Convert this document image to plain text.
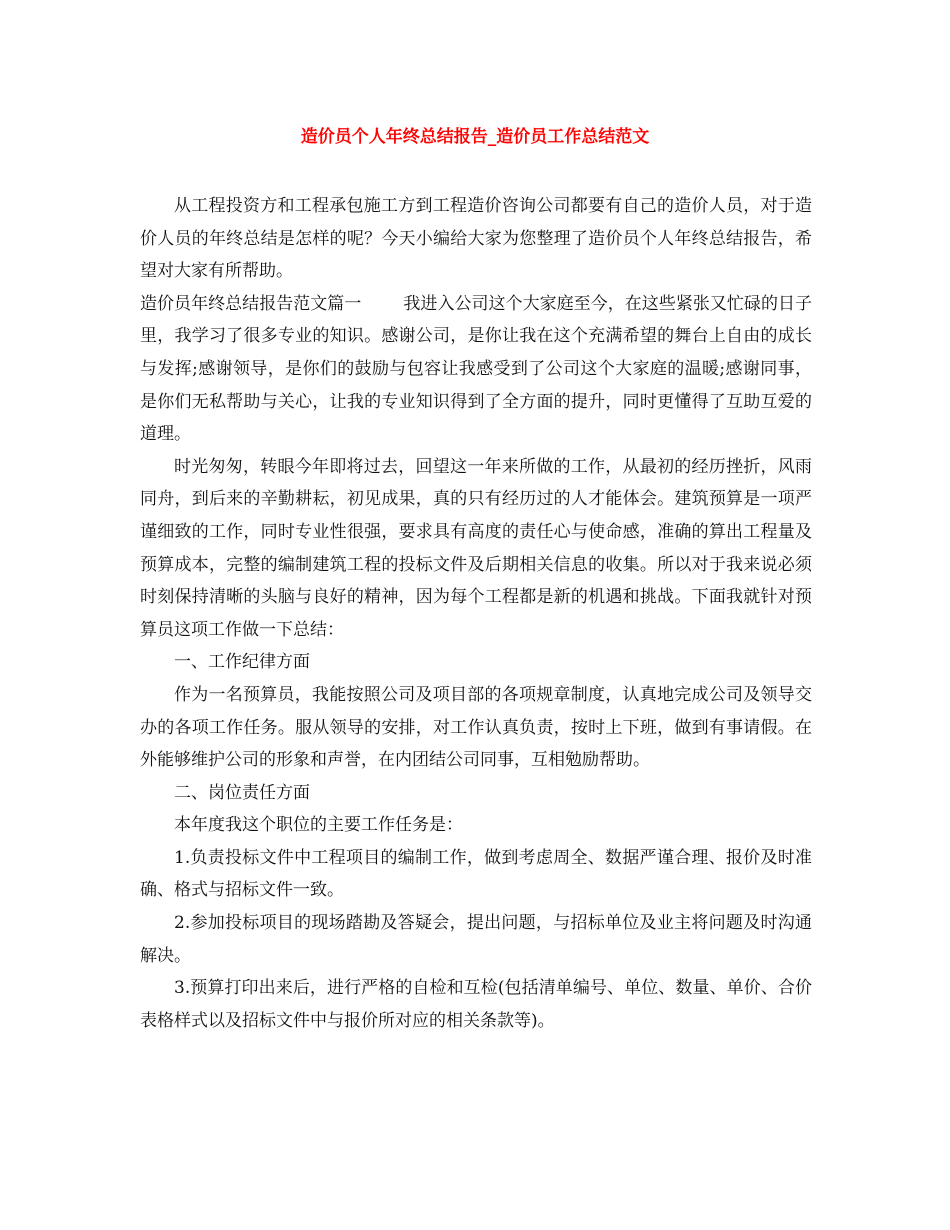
造价员个人年终总结报告_造价员工作总结范文

从工程投资方和工程承包施工方到工程造价咨询公司都要有自己的造价人员，对于造价人员的年终总结是怎样的呢？今天小编给大家为您整理了造价员个人年终总结报告，希望对大家有所帮助。

造价员年终总结报告范文篇一 我进入公司这个大家庭至今，在这些紧张又忙碌的日子里，我学习了很多专业的知识。感谢公司，是你让我在这个充满希望的舞台上自由的成长与发挥;感谢领导，是你们的鼓励与包容让我感受到了公司这个大家庭的温暖;感谢同事，是你们无私帮助与关心，让我的专业知识得到了全方面的提升，同时更懂得了互助互爱的道理。

时光匆匆，转眼今年即将过去，回望这一年来所做的工作，从最初的经历挫折，风雨同舟，到后来的辛勤耕耘，初见成果，真的只有经历过的人才能体会。建筑预算是一项严谨细致的工作，同时专业性很强，要求具有高度的责任心与使命感，准确的算出工程量及预算成本，完整的编制建筑工程的投标文件及后期相关信息的收集。所以对于我来说必须时刻保持清晰的头脑与良好的精神，因为每个工程都是新的机遇和挑战。下面我就针对预算员这项工作做一下总结：

一、工作纪律方面

作为一名预算员，我能按照公司及项目部的各项规章制度，认真地完成公司及领导交办的各项工作任务。服从领导的安排，对工作认真负责，按时上下班，做到有事请假。在外能够维护公司的形象和声誉，在内团结公司同事，互相勉励帮助。

二、岗位责任方面

本年度我这个职位的主要工作任务是：

1.负责投标文件中工程项目的编制工作，做到考虑周全、数据严谨合理、报价及时准确、格式与招标文件一致。

2.参加投标项目的现场踏勘及答疑会，提出问题，与招标单位及业主将问题及时沟通解决。

3.预算打印出来后，进行严格的自检和互检(包括清单编号、单位、数量、单价、合价表格样式以及招标文件中与报价所对应的相关条款等)。
